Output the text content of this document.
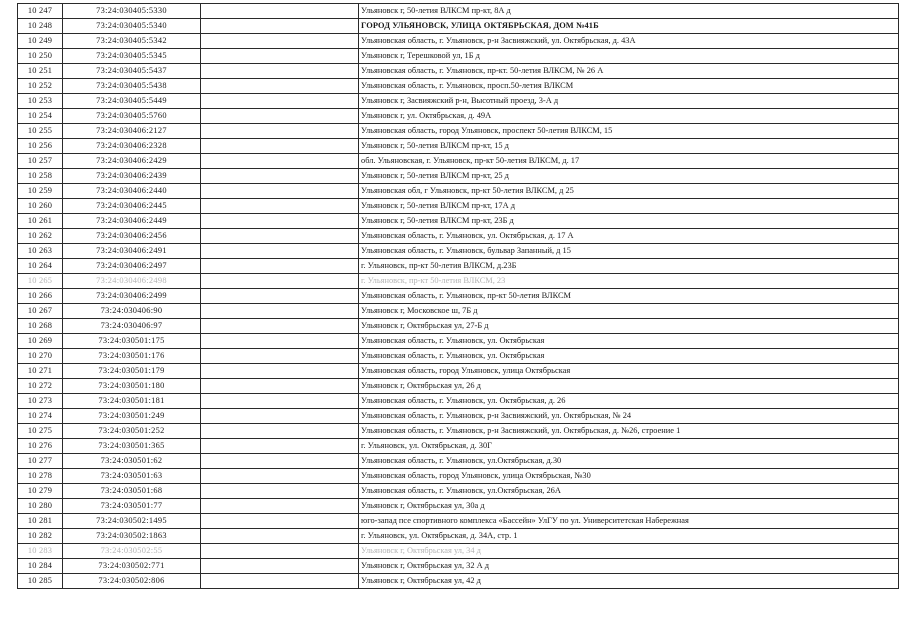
10 247	73:24:030405:5330		Ульяновск г, 50-летия ВЛКСМ пр-кт, 8А д
10 248	73:24:030405:5340		ГОРОД УЛЬЯНОВСК, УЛИЦА ОКТЯБРЬСКАЯ, ДОМ №41Б
10 249	73:24:030405:5342		Ульяновская область, г. Ульяновск, р-н Засвияжский, ул. Октябрьская, д. 43А
10 250	73:24:030405:5345		Ульяновск г, Терешковой ул, 1Б д
10 251	73:24:030405:5437		Ульяновская область, г. Ульяновск, пр-кт. 50-летия ВЛКСМ, № 26 А
10 252	73:24:030405:5438		Ульяновская область, г. Ульяновск, просп.50-летия ВЛКСМ
10 253	73:24:030405:5449		Ульяновск г, Засвияжский р-н, Высотный проезд, 3-А д
10 254	73:24:030405:5760		Ульяновск г, ул. Октябрьская, д. 49А
10 255	73:24:030406:2127		Ульяновская область, город Ульяновск, проспект 50-летия ВЛКСМ, 15
10 256	73:24:030406:2328		Ульяновск г, 50-летия ВЛКСМ пр-кт, 15 д
10 257	73:24:030406:2429		обл. Ульяновская, г. Ульяновск, пр-кт 50-летия ВЛКСМ, д. 17
10 258	73:24:030406:2439		Ульяновск г, 50-летия ВЛКСМ пр-кт, 25 д
10 259	73:24:030406:2440		Ульяновская обл, г Ульяновск, пр-кт 50-летия ВЛКСМ, д 25
10 260	73:24:030406:2445		Ульяновск г, 50-летия ВЛКСМ пр-кт, 17А д
10 261	73:24:030406:2449		Ульяновск г, 50-летия ВЛКСМ пр-кт, 23Б д
10 262	73:24:030406:2456		Ульяновская область, г. Ульяновск, ул. Октябрьская, д. 17 А
10 263	73:24:030406:2491		Ульяновская область, г. Ульяновск, бульвар Запанный, д 15
10 264	73:24:030406:2497		г. Ульяновск, пр-кт 50-летия ВЛКСМ, д.23Б
10 265	73:24:030406:2498		г. Ульяновск, пр-кт 50-летия ВЛКСМ, 23
10 266	73:24:030406:2499		Ульяновская область, г. Ульяновск, пр-кт 50-летия ВЛКСМ
10 267	73:24:030406:90		Ульяновск г, Московское ш, 7Б д
10 268	73:24:030406:97		Ульяновск г, Октябрьская ул, 27-Б д
10 269	73:24:030501:175		Ульяновская область, г. Ульяновск, ул. Октябрьская
10 270	73:24:030501:176		Ульяновская область, г. Ульяновск, ул. Октябрьская
10 271	73:24:030501:179		Ульяновская область, город Ульяновск, улица Октябрьская
10 272	73:24:030501:180		Ульяновск г, Октябрьская ул, 26 д
10 273	73:24:030501:181		Ульяновская область, г. Ульяновск, ул. Октябрьская, д. 26
10 274	73:24:030501:249		Ульяновская область, г. Ульяновск, р-н Засвияжский, ул. Октябрьская, № 24
10 275	73:24:030501:252		Ульяновская область, г. Ульяновск, р-н Засвияжский, ул. Октябрьская, д. №26, строение 1
10 276	73:24:030501:365		г. Ульяновск, ул. Октябрьская, д. 30Г
10 277	73:24:030501:62		Ульяновская область, г. Ульяновск, ул.Октябрьская, д.30
10 278	73:24:030501:63		Ульяновская область, город Ульяновск, улица Октябрьская, №30
10 279	73:24:030501:68		Ульяновская область, г. Ульяновск, ул.Октябрьская, 26А
10 280	73:24:030501:77		Ульяновск г, Октябрьская ул, 30а д
10 281	73:24:030502:1495		юго-запад псе спортивного комплекса «Бассейн» УлГУ по ул. Университетская Набережная
10 282	73:24:030502:1863		г. Ульяновск, ул. Октябрьская, д. 34А, стр. 1
10 283	73:24:030502:55		Ульяновск г, Октябрьская ул, 34 д
10 284	73:24:030502:771		Ульяновск г, Октябрьская ул, 32 А д
10 285	73:24:030502:806		Ульяновск г, Октябрьская ул, 42 д
